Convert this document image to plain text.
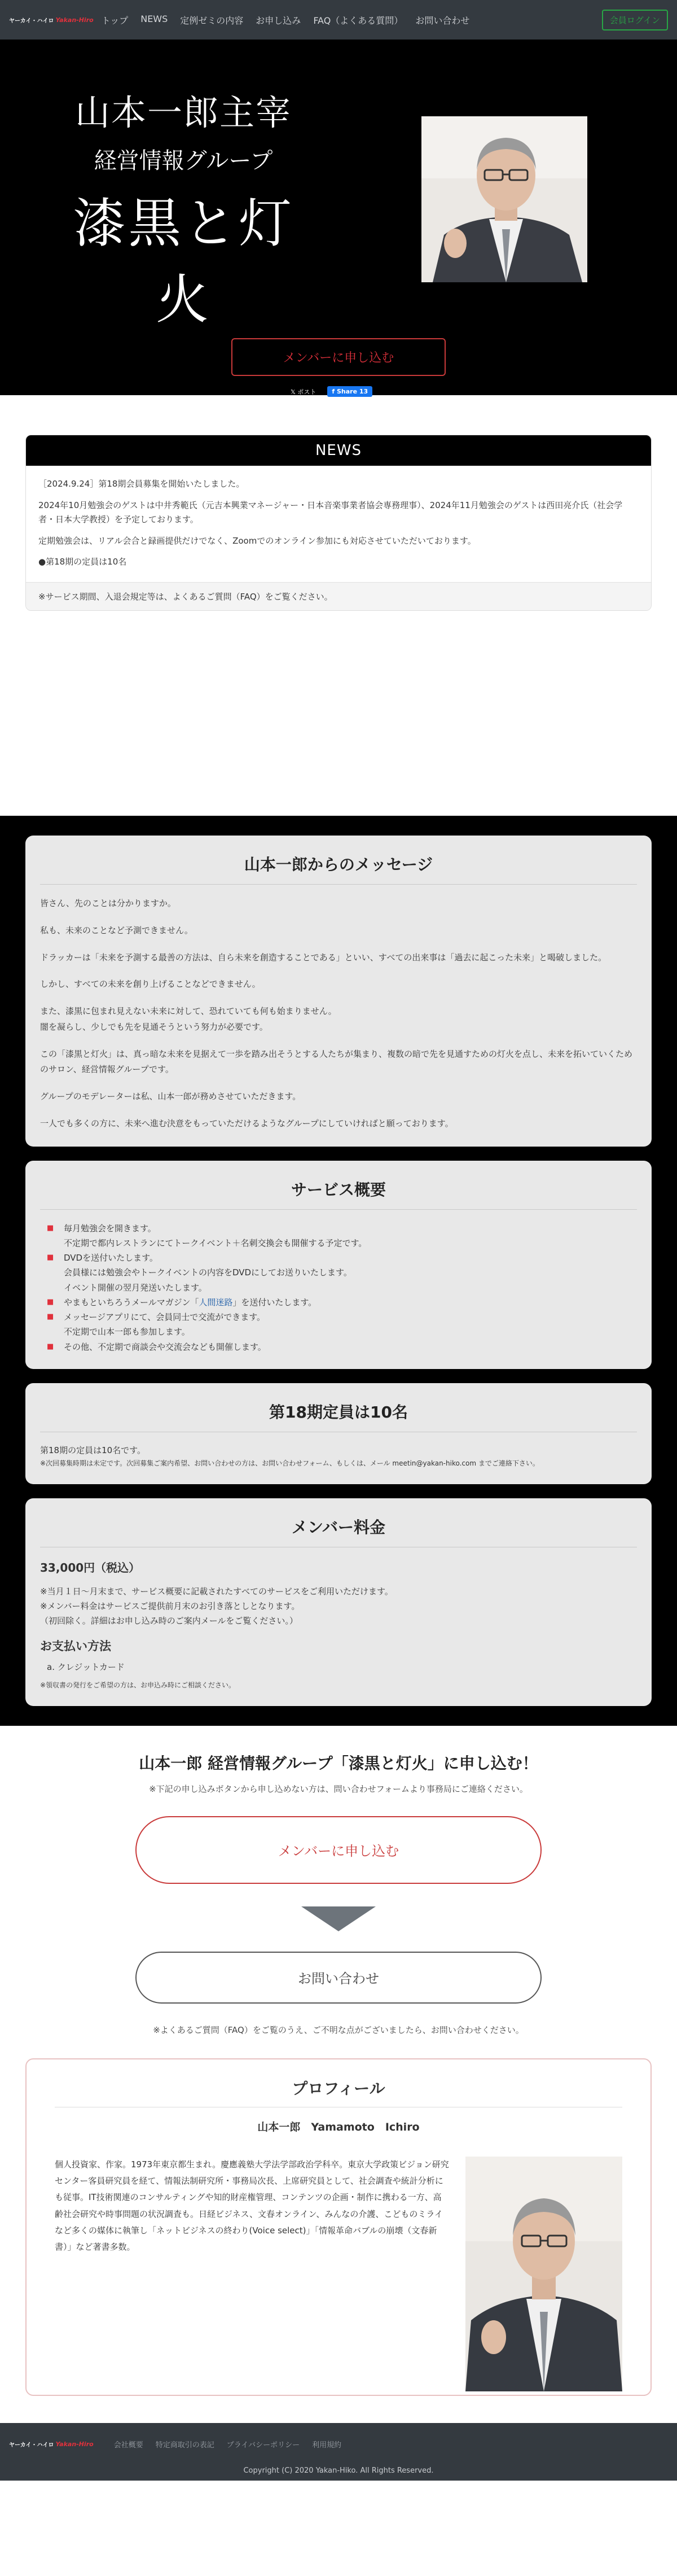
ヤーカイ・ハイロ Yakan-Hiro トップ NEWS 定例ゼミの内容 お申し込み FAQ（よくある質問） お問い合わせ	会員ログイン
山本一郎主宰
経営情報グループ
漆黒と灯火
メンバーに申し込む
𝕏 ポスト	f Share 13
NEWS

［2024.9.24］第18期会員募集を開始いたしました。

2024年10月勉強会のゲストは中井秀範氏（元吉本興業マネージャー・日本音楽事業者協会専務理事）、2024年11月勉強会のゲストは西田亮介氏（社会学者・日本大学教授）を予定しております。

定期勉強会は、リアル会合と録画提供だけでなく、Zoomでのオンライン参加にも対応させていただいております。

●第18期の定員は10名

※サービス期間、入退会規定等は、よくあるご質問（FAQ）をご覧ください。
山本一郎からのメッセージ

皆さん、先のことは分かりますか。

私も、未来のことなど予測できません。

ドラッカーは「未来を予測する最善の方法は、自ら未来を創造することである」といい、すべての出来事は「過去に起こった未来」と喝破しました。

しかし、すべての未来を創り上げることなどできません。

また、漆黒に包まれ見えない未来に対して、恐れていても何も始まりません。
闇を凝らし、少しでも先を見通そうという努力が必要です。

この「漆黒と灯火」は、真っ暗な未来を見据えて一歩を踏み出そうとする人たちが集まり、複数の暗で先を見通すための灯火を点し、未来を拓いていくためのサロン、経営情報グループです。

グループのモデレーターは私、山本一郎が務めさせていただきます。

一人でも多くの方に、未来へ進む決意をもっていただけるようなグループにしていければと願っております。

サービス概要
■	毎月勉強会を開きます。
不定期で都内レストランにてトークイベント＋名刺交換会も開催する予定です。
■	DVDを送付いたします。
会員様には勉強会やトークイベントの内容をDVDにしてお送りいたします。
イベント開催の翌月発送いたします。
■	やまもといちろうメールマガジン「人間迷路」を送付いたします。
■	メッセージアプリにて、会員同士で交流ができます。
不定期で山本一郎も参加します。
■	その他、不定期で商談会や交流会なども開催します。
第18期定員は10名
第18期の定員は10名です。
※次回募集時期は未定です。次回募集ご案内希望、お問い合わせの方は、お問い合わせフォーム、もしくは、メール meetin@yakan-hiko.com までご連絡下さい。
メンバー料金
33,000円（税込）

※当月１日～月末まで、サービス概要に記載されたすべてのサービスをご利用いただけます。

※メンバー料金はサービスご提供前月末のお引き落としとなります。

（初回除く。詳細はお申し込み時のご案内メールをご覧ください。）

お支払い方法
a. クレジットカード
※領収書の発行をご希望の方は、お申込み時にご相談ください。
山本一郎 経営情報グループ「漆黒と灯火」に申し込む！
※下記の申し込みボタンから申し込めない方は、問い合わせフォームより事務局にご連絡ください。
メンバーに申し込む
お問い合わせ
※よくあるご質問（FAQ）をご覧のうえ、ご不明な点がございましたら、お問い合わせください。
プロフィール
山本一郎　Yamamoto　Ichiro
個人投資家、作家。1973年東京都生まれ。慶應義塾大学法学部政治学科卒。東京大学政策ビジョン研究センター客員研究員を経て、情報法制研究所・事務局次長、上席研究員として、社会調査や統計分析にも従事。IT技術関連のコンサルティングや知的財産権管理、コンテンツの企画・制作に携わる一方、高齢社会研究や時事問題の状況調査も。日経ビジネス、文春オンライン、みんなの介護、こどものミライなど多くの媒体に執筆し「ネットビジネスの終わり(Voice select)」「情報革命バブルの崩壊（文春新書）」など著書多数。
ヤーカイ・ハイロ Yakan-Hiro	会社概要 特定商取引の表記 プライバシーポリシー 利用規約
Copyright (C) 2020 Yakan-Hiko. All Rights Reserved.
